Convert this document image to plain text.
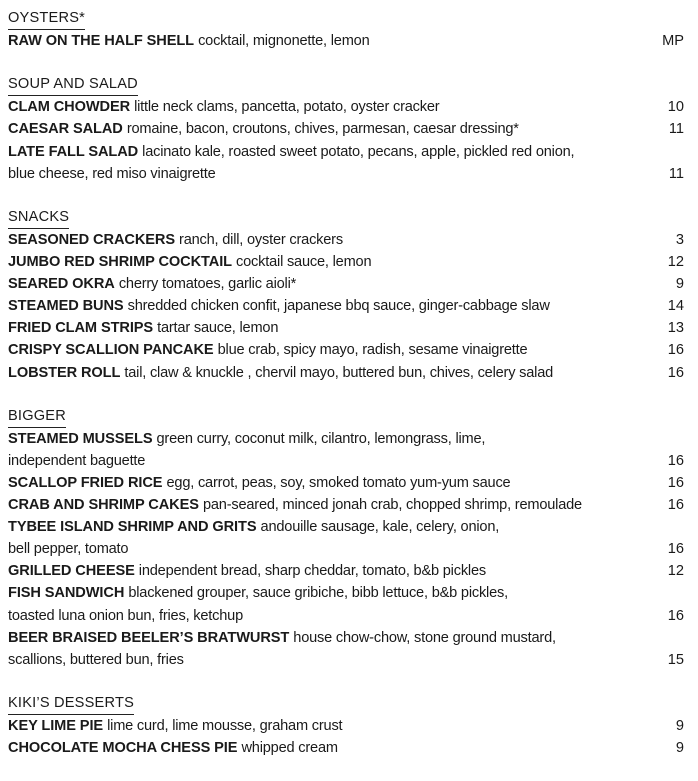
OYSTERS*
RAW ON THE HALF SHELL cocktail, mignonette, lemon	MP
SOUP AND SALAD
CLAM CHOWDER little neck clams, pancetta, potato, oyster cracker	10
CAESAR SALAD romaine, bacon, croutons, chives, parmesan, caesar dressing*	11
LATE FALL SALAD lacinato kale, roasted sweet potato, pecans, apple, pickled red onion,
blue cheese, red miso vinaigrette	11
SNACKS
SEASONED CRACKERS ranch, dill, oyster crackers	3
JUMBO RED SHRIMP COCKTAIL cocktail sauce, lemon	12
SEARED OKRA cherry tomatoes, garlic aioli*	9
STEAMED BUNS shredded chicken confit, japanese bbq sauce, ginger-cabbage slaw	14
FRIED CLAM STRIPS tartar sauce, lemon	13
CRISPY SCALLION PANCAKE blue crab, spicy mayo, radish, sesame vinaigrette	16
LOBSTER ROLL tail, claw & knuckle , chervil mayo, buttered bun, chives, celery salad	16
BIGGER
STEAMED MUSSELS green curry, coconut milk, cilantro, lemongrass, lime,
independent baguette	16
SCALLOP FRIED RICE egg, carrot, peas, soy, smoked tomato yum-yum sauce	16
CRAB AND SHRIMP CAKES pan-seared, minced jonah crab, chopped shrimp, remoulade	16
TYBEE ISLAND SHRIMP AND GRITS andouille sausage, kale, celery, onion,
bell pepper, tomato	16
GRILLED CHEESE independent bread, sharp cheddar, tomato, b&b pickles	12
FISH SANDWICH blackened grouper, sauce gribiche, bibb lettuce, b&b pickles,
toasted luna onion bun, fries, ketchup	16
BEER BRAISED BEELER’S BRATWURST house chow-chow, stone ground mustard,
scallions, buttered bun, fries	15
KIKI’S DESSERTS
KEY LIME PIE lime curd, lime mousse, graham crust	9
CHOCOLATE MOCHA CHESS PIE whipped cream	9
